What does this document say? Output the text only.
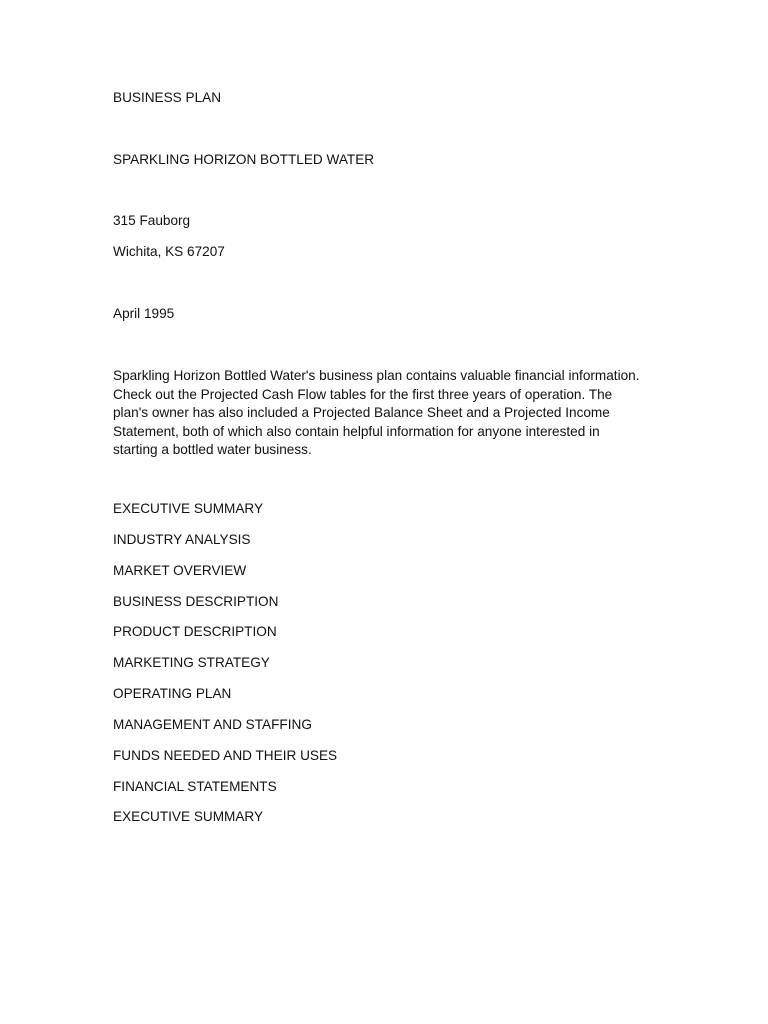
BUSINESS PLAN
SPARKLING HORIZON BOTTLED WATER
315 Fauborg
Wichita, KS 67207
April 1995
Sparkling Horizon Bottled Water's business plan contains valuable financial information.
Check out the Projected Cash Flow tables for the first three years of operation. The
plan's owner has also included a Projected Balance Sheet and a Projected Income
Statement, both of which also contain helpful information for anyone interested in
starting a bottled water business.
EXECUTIVE SUMMARY
INDUSTRY ANALYSIS
MARKET OVERVIEW
BUSINESS DESCRIPTION
PRODUCT DESCRIPTION
MARKETING STRATEGY
OPERATING PLAN
MANAGEMENT AND STAFFING
FUNDS NEEDED AND THEIR USES
FINANCIAL STATEMENTS
EXECUTIVE SUMMARY
